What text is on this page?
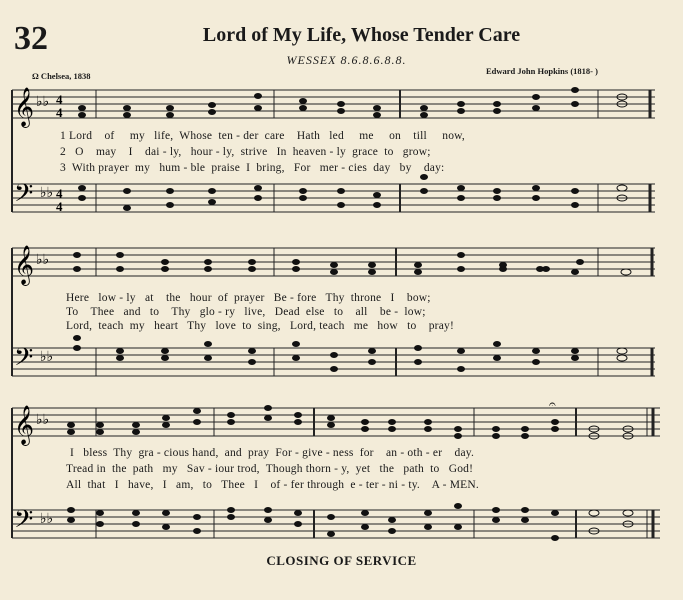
32	Lord of My Life, Whose Tender Care
WESSEX 8.6.8.6.8.8.
Ω Chelsea, 1838	Edward John Hopkins (1818- )
𝄞
𝄢
♭♭
♭♭
4
4
4
4
1 Lord    of     my   life,  Whose  ten - der  care    Hath   led     me     on    till     now,
2   O    may    I    dai - ly,   hour - ly,  strive   In  heaven - ly  grace  to   grow;
3  With prayer  my   hum - ble  praise  I  bring,   For   mer - cies  day   by    day:
𝄞
𝄢
♭♭
♭♭
Here   low - ly   at    the   hour  of  prayer   Be - fore   Thy  throne   I    bow;
To    Thee   and   to    Thy   glo - ry   live,   Dead  else   to    all    be -  low;
Lord,  teach  my   heart   Thy   love  to  sing,   Lord, teach   me   how   to    pray!
𝄞
𝄢
♭♭
♭♭
𝄐
I   bless  Thy  gra - cious hand,  and  pray  For - give - ness  for    an - oth - er    day.
Tread in  the  path   my   Sav - iour trod,  Though thorn - y,  yet   the   path  to   God!
All  that   I   have,   I   am,   to   Thee   I    of - fer through  e - ter - ni - ty.    A - MEN.
CLOSING OF SERVICE
